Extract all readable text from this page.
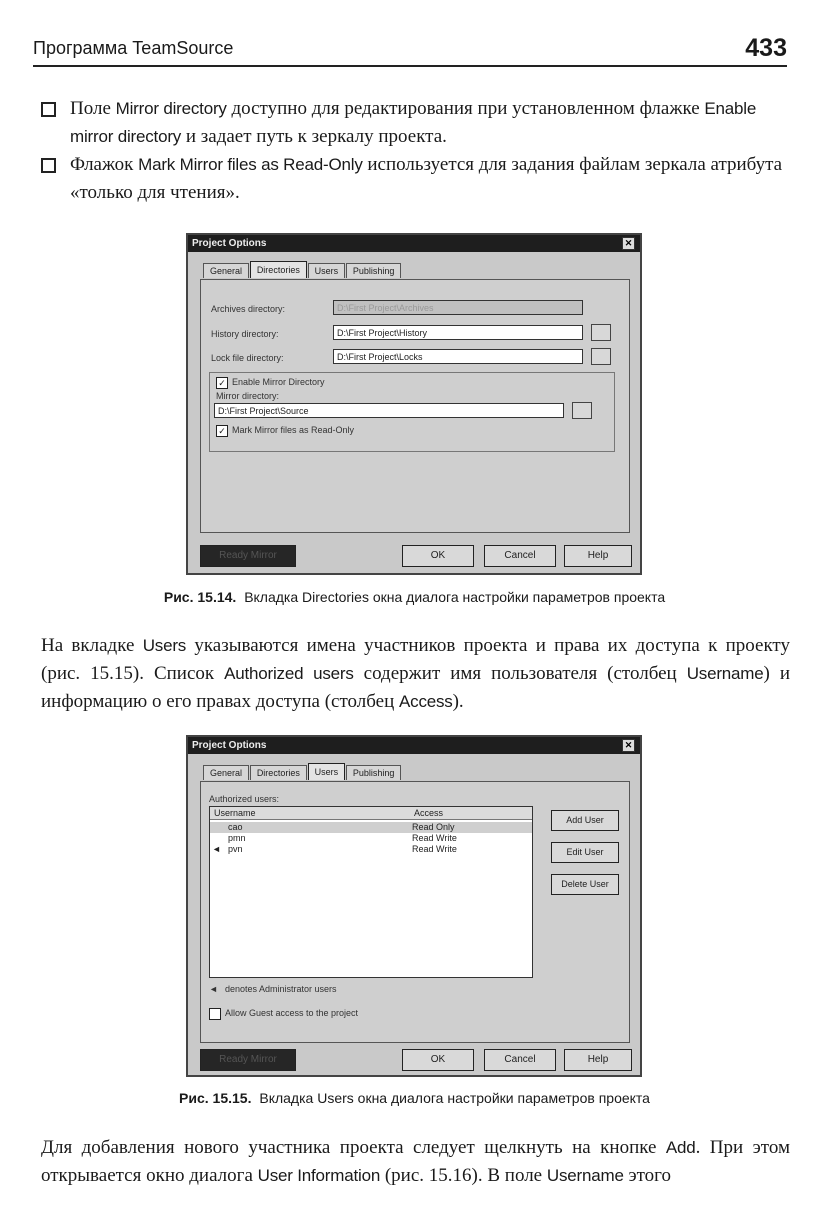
Программа TeamSource	433
Поле Mirror directory доступно для редактирования при установленном флажке Enable mirror directory и задает путь к зеркалу проекта.
Флажок Mark Mirror files as Read-Only используется для задания файлам зеркала атрибута «только для чтения».
Project Options	✕
General Directories Users Publishing
Archives directory:	D:\First Project\Archives
History directory:	D:\First Project\History
Lock file directory:	D:\First Project\Locks
✓ Enable Mirror Directory
Mirror directory:
D:\First Project\Source
✓ Mark Mirror files as Read-Only
Ready Mirror	OK	Cancel	Help
Рис. 15.14. Вкладка Directories окна диалога настройки параметров проекта
На вкладке Users указываются имена участников проекта и права их доступа к проекту (рис. 15.15). Список Authorized users содержит имя пользователя (столбец Username) и информацию о его правах доступа (столбец Access).
Project Options	✕
General Directories Users Publishing
Authorized users:
Username	Access
cao	Read Only
pmn	Read Write
◄ pvn	Read Write
Add User
Edit User
Delete User
◄ denotes Administrator users
Allow Guest access to the project
Ready Mirror	OK	Cancel	Help
Рис. 15.15. Вкладка Users окна диалога настройки параметров проекта
Для добавления нового участника проекта следует щелкнуть на кнопке Add. При этом открывается окно диалога User Information (рис. 15.16). В поле Username этого
